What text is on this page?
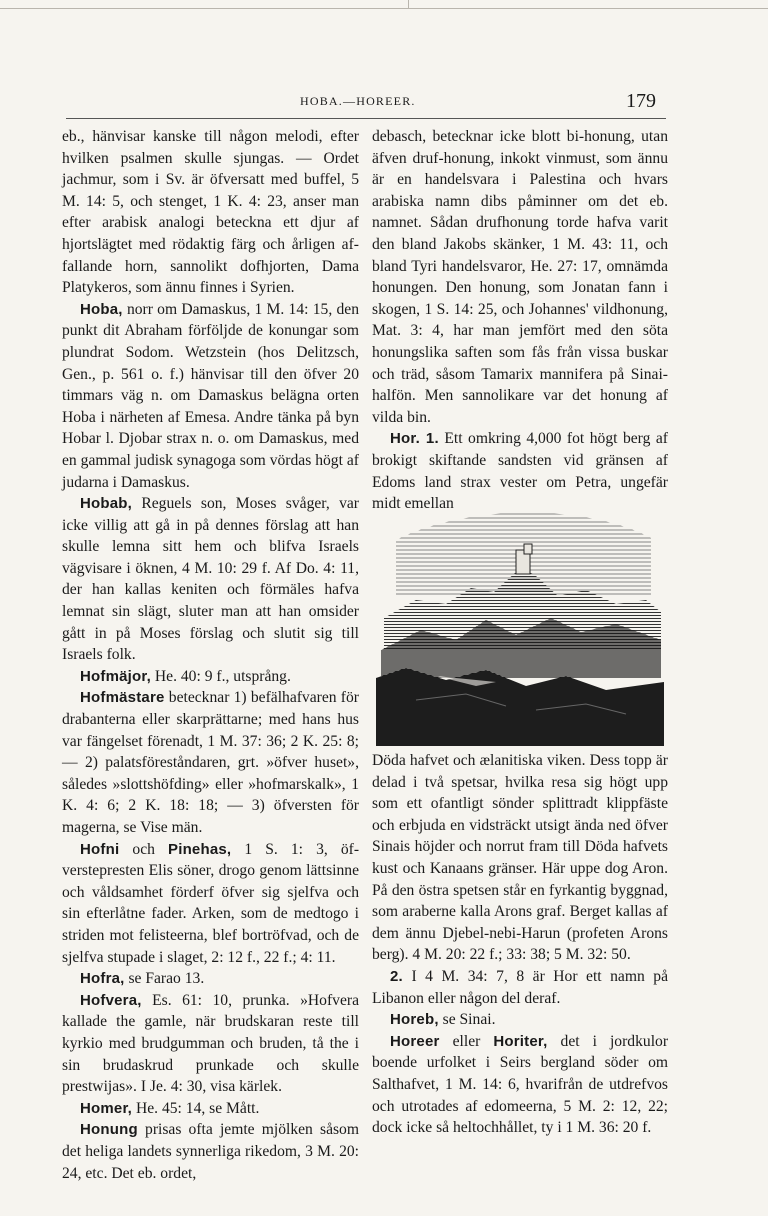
HOBA.—HOREER.	179

eb., hänvisar kanske till någon melodi, efter hvilken psalmen skulle sjungas. — Ordet jachmur, som i Sv. är öfversatt med buffel, 5 M. 14: 5, och stenget, 1 K. 4: 23, anser man efter arabisk analogi beteckna ett djur af hjortslägtet med rödaktig färg och årligen affallande horn, sannolikt dofhjorten, Dama Platykeros, som ännu finnes i Syrien.

Hoba, norr om Damaskus, 1 M. 14: 15, den punkt dit Abraham förföljde de konungar som plundrat Sodom. Wetzstein (hos Delitzsch, Gen., p. 561 o. f.) hänvisar till den öfver 20 timmars väg n. om Damaskus belägna orten Hoba i närheten af Emesa. Andre tänka på byn Hobar l. Djobar strax n. o. om Damaskus, med en gammal judisk synagoga som vördas högt af judarna i Damaskus.

Hobab, Reguels son, Moses svåger, var icke villig att gå in på dennes förslag att han skulle lemna sitt hem och blifva Israels vägvisare i öknen, 4 M. 10: 29 f. Af Do. 4: 11, der han kallas keniten och förmäles hafva lemnat sin slägt, sluter man att han omsider gått in på Moses förslag och slutit sig till Israels folk.

Hofmäjor, He. 40: 9 f., utsprång.

Hofmästare betecknar 1) befälhafvaren för drabanterna eller skarprättarne; med hans hus var fängelset förenadt, 1 M. 37: 36; 2 K. 25: 8; — 2) palatsföreståndaren, grt. »öfver huset», således »slottshöfding» eller »hofmarskalk», 1 K. 4: 6; 2 K. 18: 18; — 3) öfversten för magerna, se Vise män.

Hofni och Pinehas, 1 S. 1: 3, öfverstepresten Elis söner, drogo genom lättsinne och våldsamhet förderf öfver sig sjelfva och sin efterlåtne fader. Arken, som de medtogo i striden mot felisteerna, blef bortröfvad, och de sjelfva stupade i slaget, 2: 12 f., 22 f.; 4: 11.

Hofra, se Farao 13.

Hofvera, Es. 61: 10, prunka. »Hofvera kallade the gamle, när brudskaran reste till kyrkio med brudgumman och bruden, tå the i sin brudaskrud prunkade och skulle prestwijas». I Je. 4: 30, visa kärlek.

Homer, He. 45: 14, se Mått.

Honung prisas ofta jemte mjölken såsom det heliga landets synnerliga rikedom, 3 M. 20: 24, etc. Det eb. ordet,

debasch, betecknar icke blott bi-honung, utan äfven druf-honung, inkokt vinmust, som ännu är en handelsvara i Palestina och hvars arabiska namn dibs påminner om det eb. namnet. Sådan drufhonung torde hafva varit den bland Jakobs skänker, 1 M. 43: 11, och bland Tyri handelsvaror, He. 27: 17, omnämda honungen. Den honung, som Jonatan fann i skogen, 1 S. 14: 25, och Johannes' vildhonung, Mat. 3: 4, har man jemfört med den söta honungslika saften som fås från vissa buskar och träd, såsom Tamarix mannifera på Sinai-halfön. Men sannolikare var det honung af vilda bin.

Hor. 1. Ett omkring 4,000 fot högt berg af brokigt skiftande sandsten vid gränsen af Edoms land strax vester om Petra, ungefär midt emellan

Döda hafvet och ælanitiska viken. Dess topp är delad i två spetsar, hvilka resa sig högt upp som ett ofantligt sönder splittradt klippfäste och erbjuda en vidsträckt utsigt ända ned öfver Sinais höjder och norrut fram till Döda hafvets kust och Kanaans gränser. Här uppe dog Aron. På den östra spetsen står en fyrkantig byggnad, som araberne kalla Arons graf. Berget kallas af dem ännu Djebel-nebi-Harun (profeten Arons berg). 4 M. 20: 22 f.; 33: 38; 5 M. 32: 50.

2. I 4 M. 34: 7, 8 är Hor ett namn på Libanon eller någon del deraf.

Horeb, se Sinai.

Horeer eller Horiter, det i jordkulor boende urfolket i Seirs bergland söder om Salthafvet, 1 M. 14: 6, hvarifrån de utdrefvos och utrotades af edomeerna, 5 M. 2: 12, 22; dock icke så heltochhållet, ty i 1 M. 36: 20 f.
